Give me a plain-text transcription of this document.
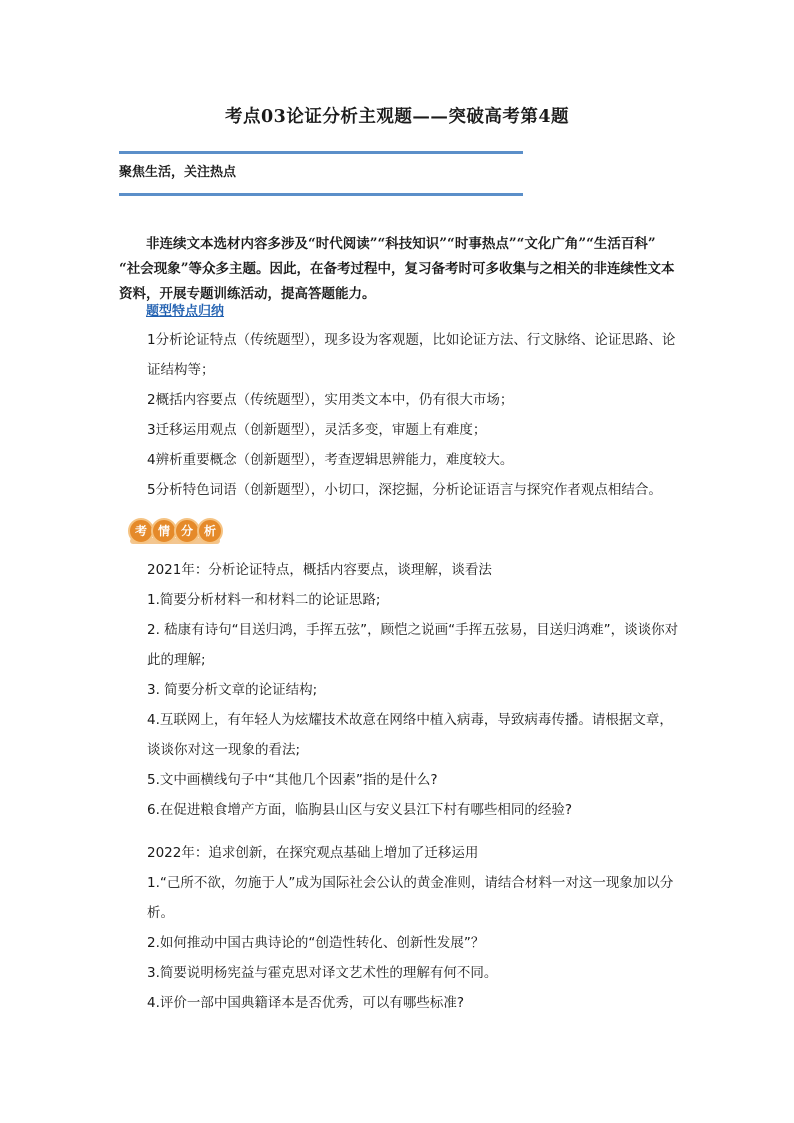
考点03论证分析主观题——突破高考第4题
聚焦生活，关注热点
非连续文本选材内容多涉及“时代阅读”“科技知识”“时事热点”“文化广角”“生活百科” “社会现象”等众多主题。因此，在备考过程中，复习备考时可多收集与之相关的非连续性文本资料，开展专题训练活动，提高答题能力。
题型特点归纳
1分析论证特点（传统题型），现多设为客观题，比如论证方法、行文脉络、论证思路、论证结构等；
2概括内容要点（传统题型），实用类文本中，仍有很大市场；
3迁移运用观点（创新题型），灵活多变，审题上有难度；
4辨析重要概念（创新题型），考查逻辑思辨能力，难度较大。
5分析特色词语（创新题型），小切口，深挖掘，分析论证语言与探究作者观点相结合。
考 情 分 析
2021年：分析论证特点，概括内容要点，谈理解，谈看法
1.简要分析材料一和材料二的论证思路;
2. 嵇康有诗句“目送归鸿，手挥五弦”，顾恺之说画“手挥五弦易，目送归鸿难”，谈谈你对此的理解;
3. 简要分析文章的论证结构;
4.互联网上，有年轻人为炫耀技术故意在网络中植入病毒，导致病毒传播。请根据文章，谈谈你对这一现象的看法;
5.文中画横线句子中“其他几个因素”指的是什么?
6.在促进粮食增产方面，临朐县山区与安义县江下村有哪些相同的经验?
2022年：追求创新，在探究观点基础上增加了迁移运用
1.“己所不欲，勿施于人”成为国际社会公认的黄金准则，请结合材料一对这一现象加以分析。
2.如何推动中国古典诗论的“创造性转化、创新性发展”？
3.简要说明杨宪益与霍克思对译文艺术性的理解有何不同。
4.评价一部中国典籍译本是否优秀，可以有哪些标准?
